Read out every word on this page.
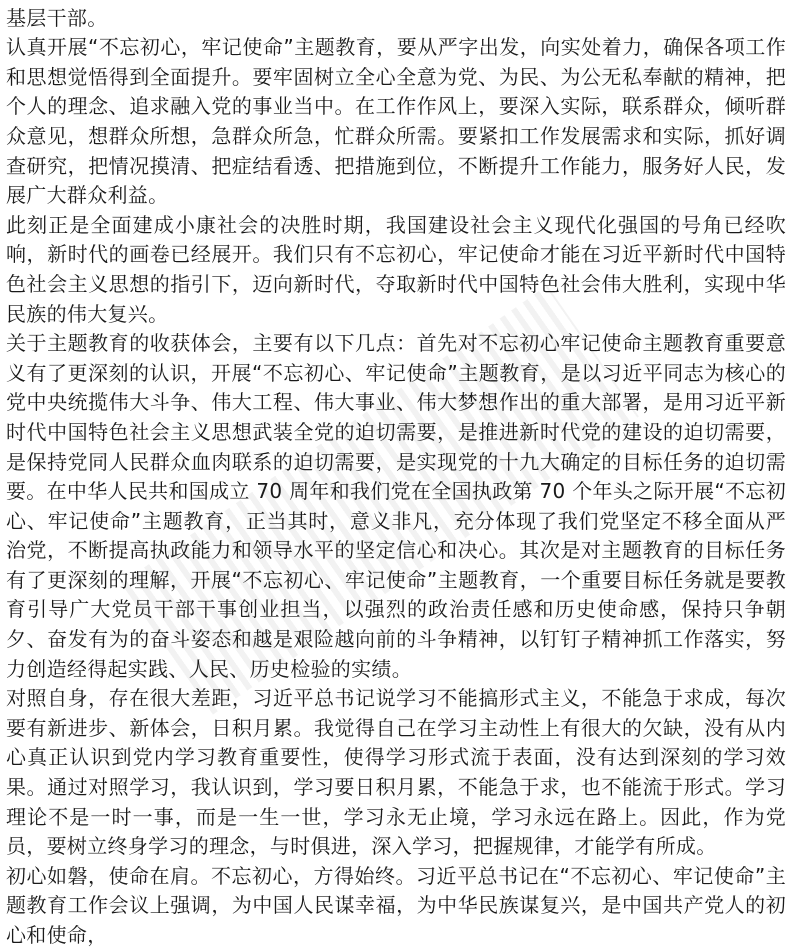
基层干部。

认真开展“不忘初心，牢记使命”主题教育，要从严字出发，向实处着力，确保各项工作和思想觉悟得到全面提升。要牢固树立全心全意为党、为民、为公无私奉献的精神，把个人的理念、追求融入党的事业当中。在工作作风上，要深入实际，联系群众，倾听群众意见，想群众所想，急群众所急，忙群众所需。要紧扣工作发展需求和实际，抓好调查研究，把情况摸清、把症结看透、把措施到位，不断提升工作能力，服务好人民，发展广大群众利益。

此刻正是全面建成小康社会的决胜时期，我国建设社会主义现代化强国的号角已经吹响，新时代的画卷已经展开。我们只有不忘初心，牢记使命才能在习近平新时代中国特色社会主义思想的指引下，迈向新时代，夺取新时代中国特色社会伟大胜利，实现中华民族的伟大复兴。

关于主题教育的收获体会，主要有以下几点：首先对不忘初心牢记使命主题教育重要意义有了更深刻的认识，开展“不忘初心、牢记使命”主题教育，是以习近平同志为核心的党中央统揽伟大斗争、伟大工程、伟大事业、伟大梦想作出的重大部署，是用习近平新时代中国特色社会主义思想武装全党的迫切需要，是推进新时代党的建设的迫切需要，是保持党同人民群众血肉联系的迫切需要，是实现党的十九大确定的目标任务的迫切需要。在中华人民共和国成立 70 周年和我们党在全国执政第 70 个年头之际开展“不忘初心、牢记使命”主题教育，正当其时，意义非凡，充分体现了我们党坚定不移全面从严治党，不断提高执政能力和领导水平的坚定信心和决心。其次是对主题教育的目标任务有了更深刻的理解，开展“不忘初心、牢记使命”主题教育，一个重要目标任务就是要教育引导广大党员干部干事创业担当，以强烈的政治责任感和历史使命感，保持只争朝夕、奋发有为的奋斗姿态和越是艰险越向前的斗争精神，以钉钉子精神抓工作落实，努力创造经得起实践、人民、历史检验的实绩。

对照自身，存在很大差距，习近平总书记说学习不能搞形式主义，不能急于求成，每次要有新进步、新体会，日积月累。我觉得自己在学习主动性上有很大的欠缺，没有从内心真正认识到党内学习教育重要性，使得学习形式流于表面，没有达到深刻的学习效果。通过对照学习，我认识到，学习要日积月累，不能急于求，也不能流于形式。学习理论不是一时一事，而是一生一世，学习永无止境，学习永远在路上。因此，作为党员，要树立终身学习的理念，与时俱进，深入学习，把握规律，才能学有所成。

初心如磐，使命在肩。不忘初心，方得始终。习近平总书记在“不忘初心、牢记使命”主题教育工作会议上强调，为中国人民谋幸福，为中华民族谋复兴，是中国共产党人的初心和使命，
